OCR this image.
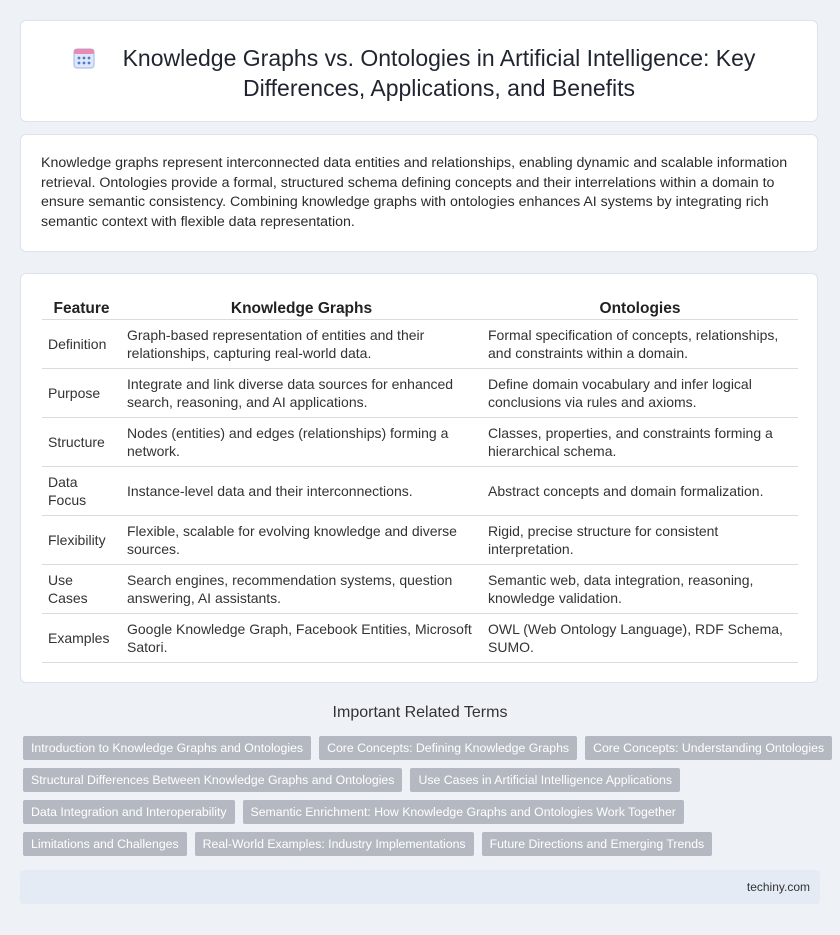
Knowledge Graphs vs. Ontologies in Artificial Intelligence: Key Differences, Applications, and Benefits

Knowledge graphs represent interconnected data entities and relationships, enabling dynamic and scalable information retrieval. Ontologies provide a formal, structured schema defining concepts and their interrelations within a domain to ensure semantic consistency. Combining knowledge graphs with ontologies enhances AI systems by integrating rich semantic context with flexible data representation.

Feature	Knowledge Graphs	Ontologies
Definition	Graph-based representation of entities and their relationships, capturing real-world data.	Formal specification of concepts, relationships, and constraints within a domain.
Purpose	Integrate and link diverse data sources for enhanced search, reasoning, and AI applications.	Define domain vocabulary and infer logical conclusions via rules and axioms.
Structure	Nodes (entities) and edges (relationships) forming a network.	Classes, properties, and constraints forming a hierarchical schema.
Data Focus	Instance-level data and their interconnections.	Abstract concepts and domain formalization.
Flexibility	Flexible, scalable for evolving knowledge and diverse sources.	Rigid, precise structure for consistent interpretation.
Use Cases	Search engines, recommendation systems, question answering, AI assistants.	Semantic web, data integration, reasoning, knowledge validation.
Examples	Google Knowledge Graph, Facebook Entities, Microsoft Satori.	OWL (Web Ontology Language), RDF Schema, SUMO.
Important Related Terms
Introduction to Knowledge Graphs and Ontologies	Core Concepts: Defining Knowledge Graphs	Core Concepts: Understanding Ontologies
Structural Differences Between Knowledge Graphs and Ontologies	Use Cases in Artificial Intelligence Applications
Data Integration and Interoperability	Semantic Enrichment: How Knowledge Graphs and Ontologies Work Together
Limitations and Challenges	Real-World Examples: Industry Implementations	Future Directions and Emerging Trends
techiny.com
